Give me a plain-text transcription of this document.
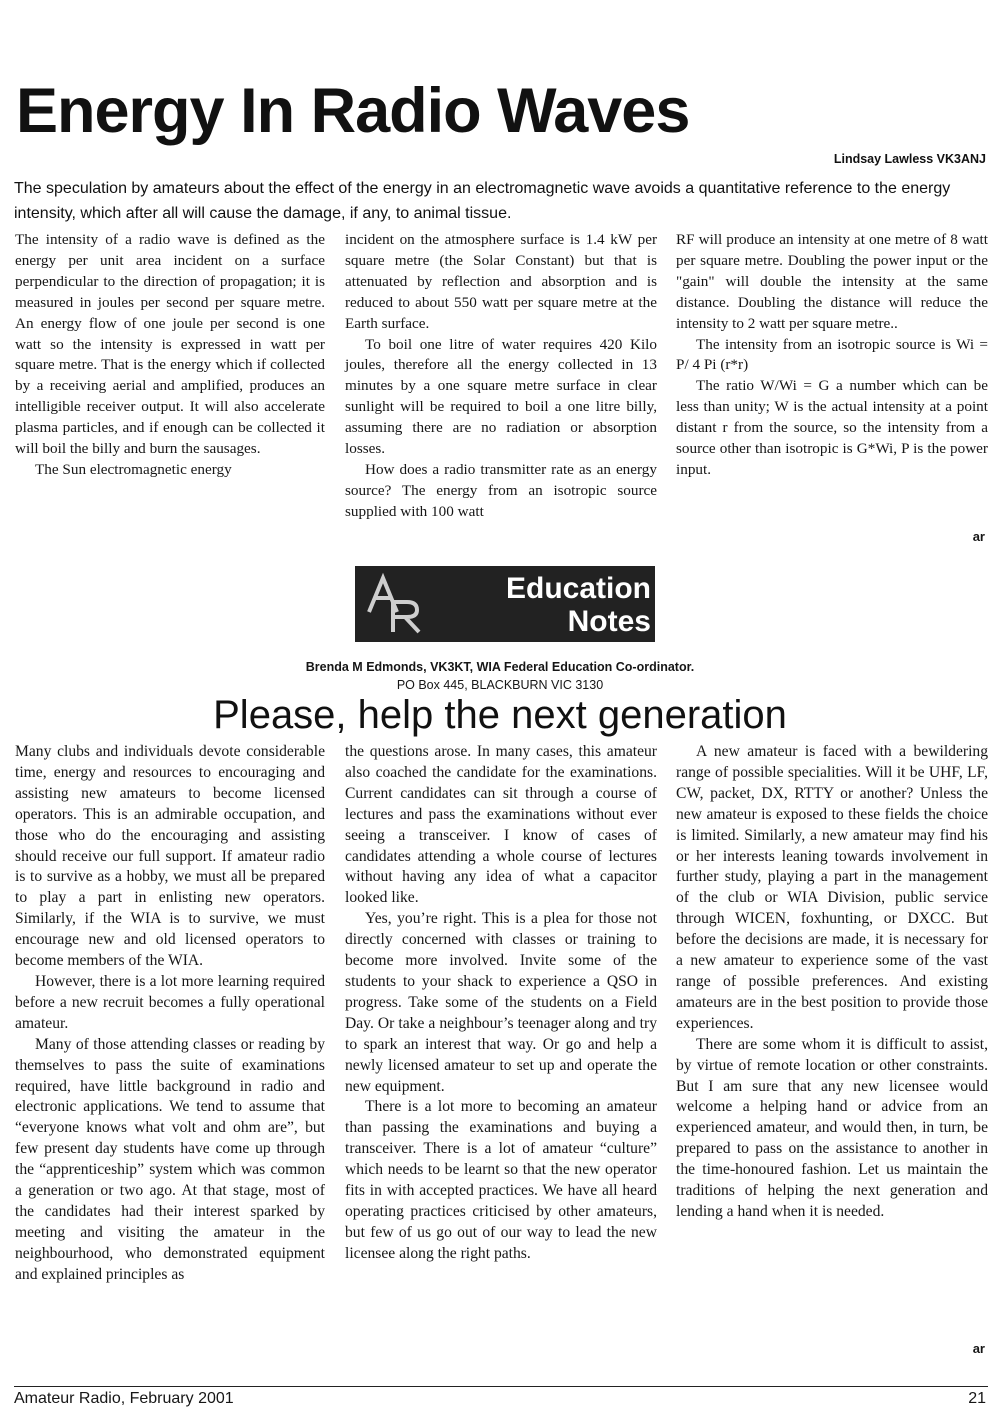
Energy In Radio Waves
Lindsay Lawless VK3ANJ

The speculation by amateurs about the effect of the energy in an electromagnetic wave avoids a quantitative reference to the energy intensity, which after all will cause the damage, if any, to animal tissue.

The intensity of a radio wave is defined as the energy per unit area incident on a surface perpendicular to the direction of propagation; it is measured in joules per second per square metre. An energy flow of one joule per second is one watt so the intensity is expressed in watt per square metre. That is the energy which if collected by a receiving aerial and amplified, produces an intelligible receiver output. It will also accelerate plasma particles, and if enough can be collected it will boil the billy and burn the sausages.

The Sun electromagnetic energy

incident on the atmosphere surface is 1.4 kW per square metre (the Solar Constant) but that is attenuated by reflection and absorption and is reduced to about 550 watt per square metre at the Earth surface.

To boil one litre of water requires 420 Kilo joules, therefore all the energy collected in 13 minutes by a one square metre surface in clear sunlight will be required to boil a one litre billy, assuming there are no radiation or absorption losses.

How does a radio transmitter rate as an energy source? The energy from an isotropic source supplied with 100 watt

RF will produce an intensity at one metre of 8 watt per square metre. Doubling the power input or the "gain" will double the intensity at the same distance. Doubling the distance will reduce the intensity to 2 watt per square metre..

The intensity from an isotropic source is Wi = P/ 4 Pi (r*r)

The ratio W/Wi = G a number which can be less than unity; W is the actual intensity at a point distant r from the source, so the intensity from a source other than isotropic is G*Wi, P is the power input.

ar
Education
Notes
Brenda M Edmonds, VK3KT, WIA Federal Education Co-ordinator.
PO Box 445, BLACKBURN VIC 3130
Please, help the next generation

Many clubs and individuals devote considerable time, energy and resources to encouraging and assisting new amateurs to become licensed operators. This is an admirable occupation, and those who do the encouraging and assisting should receive our full support. If amateur radio is to survive as a hobby, we must all be prepared to play a part in enlisting new operators. Similarly, if the WIA is to survive, we must encourage new and old licensed operators to become members of the WIA.

However, there is a lot more learning required before a new recruit becomes a fully operational amateur.

Many of those attending classes or reading by themselves to pass the suite of examinations required, have little background in radio and electronic applications. We tend to assume that “everyone knows what volt and ohm are”, but few present day students have come up through the “apprenticeship” system which was common a generation or two ago. At that stage, most of the candidates had their interest sparked by meeting and visiting the amateur in the neighbourhood, who demonstrated equipment and explained principles as

the questions arose. In many cases, this amateur also coached the candidate for the examinations. Current candidates can sit through a course of lectures and pass the examinations without ever seeing a transceiver. I know of cases of candidates attending a whole course of lectures without having any idea of what a capacitor looked like.

Yes, you’re right. This is a plea for those not directly concerned with classes or training to become more involved. Invite some of the students to your shack to experience a QSO in progress. Take some of the students on a Field Day. Or take a neighbour’s teenager along and try to spark an interest that way. Or go and help a newly licensed amateur to set up and operate the new equipment.

There is a lot more to becoming an amateur than passing the examinations and buying a transceiver. There is a lot of amateur “culture” which needs to be learnt so that the new operator fits in with accepted practices. We have all heard operating practices criticised by other amateurs, but few of us go out of our way to lead the new licensee along the right paths.

A new amateur is faced with a bewildering range of possible specialities. Will it be UHF, LF, CW, packet, DX, RTTY or another? Unless the new amateur is exposed to these fields the choice is limited. Similarly, a new amateur may find his or her interests leaning towards involvement in further study, playing a part in the management of the club or WIA Division, public service through WICEN, foxhunting, or DXCC. But before the decisions are made, it is necessary for a new amateur to experience some of the vast range of possible preferences. And existing amateurs are in the best position to provide those experiences.

There are some whom it is difficult to assist, by virtue of remote location or other constraints. But I am sure that any new licensee would welcome a helping hand or advice from an experienced amateur, and would then, in turn, be prepared to pass on the assistance to another in the time-honoured fashion. Let us maintain the traditions of helping the next generation and lending a hand when it is needed.

ar
Amateur Radio, February 2001	21
